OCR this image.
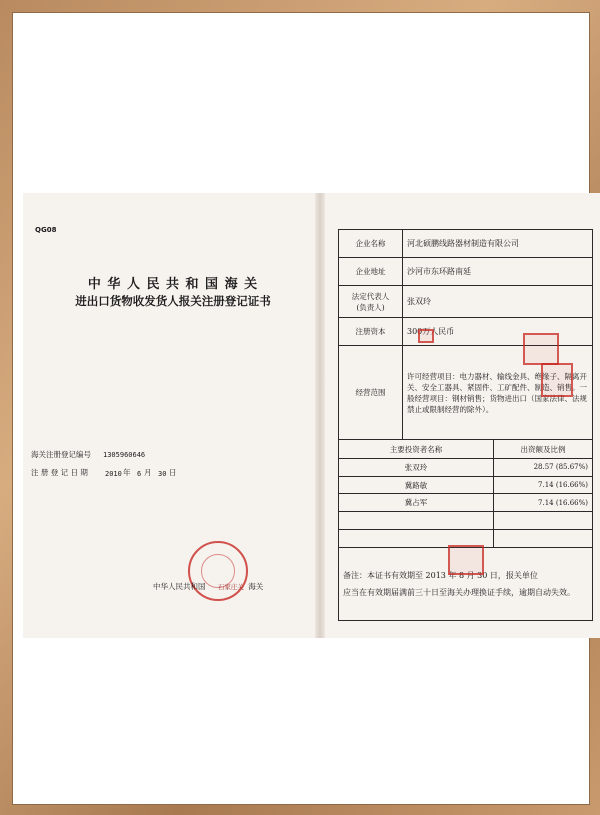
QG08
中 华 人 民 共 和 国 海 关
进出口货物收发货人报关注册登记证书
海关注册登记编号 1305960646
注 册 登 记 日 期 2010 年 6 月 30 日
中华人民共和国 石家庄关 海关
企业名称	河北硕鹏线路器材制造有限公司	
企业地址	沙河市东环路南延	

法定代表人
(负责人)	张双玲	
注册资本	300万人民币	
经营范围	许可经营项目：电力器材、输线金具、绝缘子、隔离开关、安全工器具、紧固件、工矿配件、制造、销售。一般经营项目：钢材销售；货物进出口（国家法律、法规禁止或限制经营的除外）。	
主要投资者名称		出资额及比例
张双玲		28.57 (85.67%)
冀路敏		7.14 (16.66%)
冀占军		7.14 (16.66%)

备注：本证书有效期至 2013 年 8 月 30 日，报关单位
应当在有效期届满前三十日至海关办理换证手续，逾期自动失效。		
